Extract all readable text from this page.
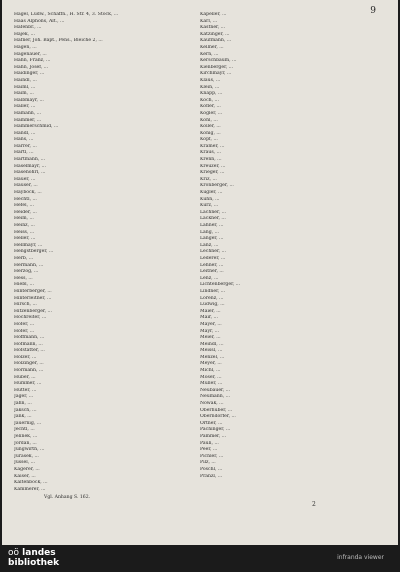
9
Hagel, Ludw., Schaffn., H. Str. 4, 3. Stock, ...
Haas Alphons, Alt., ...
Hafenbr., ...
Hajek, ...
Hafner, Joh. Bapt., Pens., Bleiche 2, ...
Hagen, ...
Hagenauer, ...
Hahn, Franz, ...
Hahn, Josef, ...
Haidinger, ...
Haindl, ...
Haiml, ...
Haim, ...
Halbmayr, ...
Haller, ...
Hamann, ...
Hammer, ...
Hammerschmid, ...
Handl, ...
Hans, ...
Harrer, ...
Hartl, ...
Hartmann, ...
Haselmayr, ...
Hasenöhrl, ...
Hauer, ...
Hauser, ...
Hayböck, ...
Hechtl, ...
Hefel, ...
Heider, ...
Heim, ...
Heinz, ...
Heiss, ...
Heller, ...
Hellmayr, ...
Hengstberger, ...
Herb, ...
Hermann, ...
Herzog, ...
Hess, ...
Hiebl, ...
Hinterberger, ...
Hinterleitner, ...
Hirsch, ...
Hitzenberger, ...
Hochreiter, ...
Höfer, ...
Hofer, ...
Hoffmann, ...
Hofmann, ...
Hofstätter, ...
Holzer, ...
Holzinger, ...
Hörmann, ...
Huber, ...
Hummer, ...
Hutter, ...
Jäger, ...
Jahn, ...
Jaksch, ...
Jank, ...
Jauernig, ...
Jechtl, ...
Jelinek, ...
Jordan, ...
Jungwirth, ...
Jurasek, ...
Jussel, ...
Kagerer, ...
Kaiser, ...
Kaltenböck, ...
Kammerer, ...
Vgl. Anhang S. 162.
Kapeller, ...
Karl, ...
Kastner, ...
Katzinger, ...
Kaufmann, ...
Kellner, ...
Kern, ...
Kerschbaum, ...
Kienberger, ...
Kirchmayr, ...
Klaus, ...
Klein, ...
Knapp, ...
Koch, ...
Kofler, ...
Kogler, ...
Kohl, ...
Koller, ...
König, ...
Kopf, ...
Kramer, ...
Kraus, ...
Krenn, ...
Kreuzer, ...
Krieger, ...
Kriz, ...
Kronberger, ...
Kugler, ...
Kühn, ...
Kurz, ...
Lachner, ...
Lackner, ...
Lahner, ...
Lang, ...
Langer, ...
Lanz, ...
Lechner, ...
Lederer, ...
Lehner, ...
Leitner, ...
Lenz, ...
Lichtenberger, ...
Lindner, ...
Lorenz, ...
Ludwig, ...
Maier, ...
Mair, ...
Mayer, ...
Mayr, ...
Meier, ...
Meindl, ...
Meissl, ...
Menzel, ...
Meyer, ...
Michl, ...
Moser, ...
Müller, ...
Neubauer, ...
Neumann, ...
Nowak, ...
Oberhuber, ...
Oberndorfer, ...
Ortner, ...
Pachinger, ...
Pammer, ...
Pauli, ...
Peer, ...
Pichler, ...
Pilz, ...
Pöschl, ...
Pranzl, ...
2
oö landes
bibliothek
infranda viewer
